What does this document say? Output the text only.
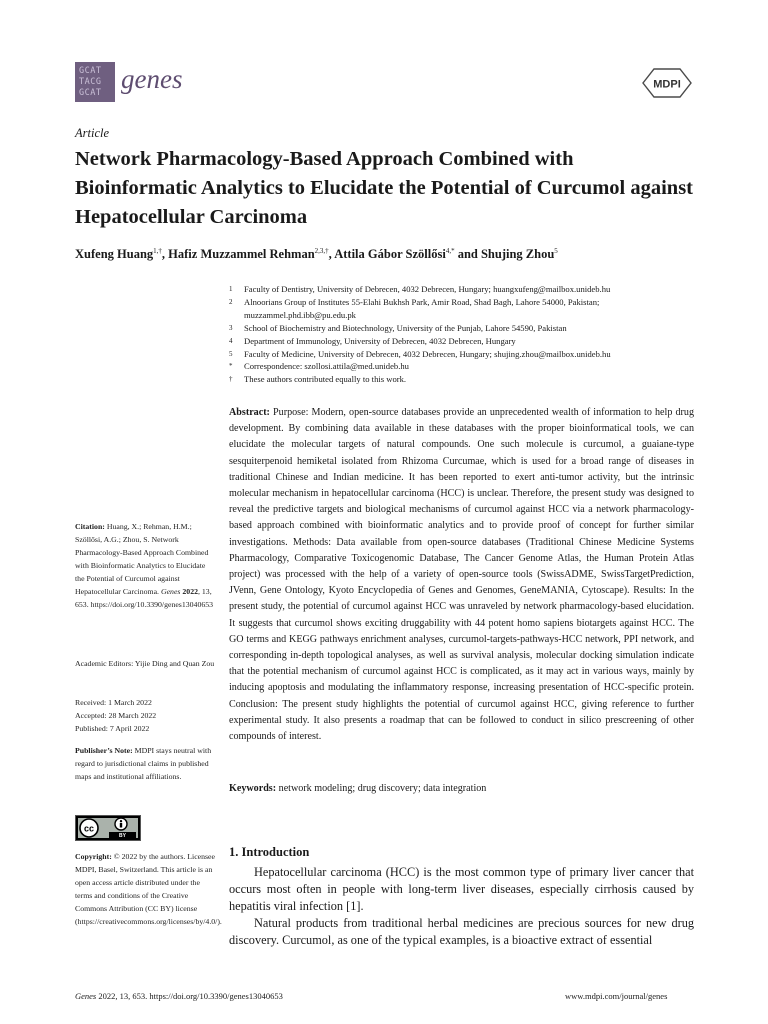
GCAT
TACG
GCAT genes	MDPI
Article
Network Pharmacology-Based Approach Combined with Bioinformatic Analytics to Elucidate the Potential of Curcumol against Hepatocellular Carcinoma
Xufeng Huang$^{1,\dagger}$, Hafiz Muzzammel Rehman$^{2,3,\dagger}$, Attila Gábor Szöllősi$^{4,*}$ and Shujing Zhou$^5$
1	Faculty of Dentistry, University of Debrecen, 4032 Debrecen, Hungary; huangxufeng@mailbox.unideb.hu
2	Alnoorians Group of Institutes 55-Elahi Bukhsh Park, Amir Road, Shad Bagh, Lahore 54000, Pakistan; muzzammel.phd.ibb@pu.edu.pk
3	School of Biochemistry and Biotechnology, University of the Punjab, Lahore 54590, Pakistan
4	Department of Immunology, University of Debrecen, 4032 Debrecen, Hungary
5	Faculty of Medicine, University of Debrecen, 4032 Debrecen, Hungary; shujing.zhou@mailbox.unideb.hu
*	Correspondence: szollosi.attila@med.unideb.hu
†	These authors contributed equally to this work.
Abstract: Purpose: Modern, open-source databases provide an unprecedented wealth of information to help drug development. By combining data available in these databases with the proper bioinformatical tools, we can elucidate the molecular targets of natural compounds. One such molecule is curcumol, a guaiane-type sesquiterpenoid hemiketal isolated from Rhizoma Curcumae, which is used for a broad range of diseases in traditional Chinese and Indian medicine. It has been reported to exert anti-tumor activity, but the intrinsic molecular mechanism in hepatocellular carcinoma (HCC) is unclear. Therefore, the present study was designed to reveal the predictive targets and biological mechanisms of curcumol against HCC via a network pharmacology-based approach combined with bioinformatic analytics and to provide proof of concept for further similar investigations. Methods: Data available from open-source databases (Traditional Chinese Medicine Systems Pharmacology, Comparative Toxicogenomic Database, The Cancer Genome Atlas, the Human Protein Atlas project) was processed with the help of a variety of open-source tools (SwissADME, SwissTargetPrediction, JVenn, Gene Ontology, Kyoto Encyclopedia of Genes and Genomes, GeneMANIA, Cytoscape). Results: In the present study, the potential of curcumol against HCC was unraveled by network pharmacology-based elucidation. It suggests that curcumol shows exciting druggability with 44 potent homo sapiens biotargets against HCC. The GO terms and KEGG pathways enrichment analyses, curcumol-targets-pathways-HCC network, PPI network, and corresponding in-depth topological analyses, as well as survival analysis, molecular docking simulation indicate that the potential mechanism of curcumol against HCC is complicated, as it may act in various ways, mainly by inducing apoptosis and modulating the inflammatory response, increasing presentation of HCC-specific protein. Conclusion: The present study highlights the potential of curcumol against HCC, giving reference to further experimental study. It also presents a roadmap that can be followed to conduct in silico prescreening of other compounds of interest.
Keywords: network modeling; drug discovery; data integration
Citation: Huang, X.; Rehman, H.M.; Szöllősi, A.G.; Zhou, S. Network Pharmacology-Based Approach Combined with Bioinformatic Analytics to Elucidate the Potential of Curcumol against Hepatocellular Carcinoma. Genes 2022, 13, 653. https://doi.org/10.3390/genes13040653
Academic Editors: Yijie Ding and Quan Zou
Received: 1 March 2022
Accepted: 28 March 2022
Published: 7 April 2022
Publisher’s Note: MDPI stays neutral with regard to jurisdictional claims in published maps and institutional affiliations.
cc
BY
Copyright: © 2022 by the authors. Licensee MDPI, Basel, Switzerland. This article is an open access article distributed under the terms and conditions of the Creative Commons Attribution (CC BY) license (https://creativecommons.org/licenses/by/4.0/).
1. Introduction

Hepatocellular carcinoma (HCC) is the most common type of primary liver cancer that occurs most often in people with long-term liver diseases, especially cirrhosis caused by hepatitis viral infection [1].

Natural products from traditional herbal medicines are precious sources for new drug discovery. Curcumol, as one of the typical examples, is a bioactive extract of essential

Genes 2022, 13, 653. https://doi.org/10.3390/genes13040653	www.mdpi.com/journal/genes
